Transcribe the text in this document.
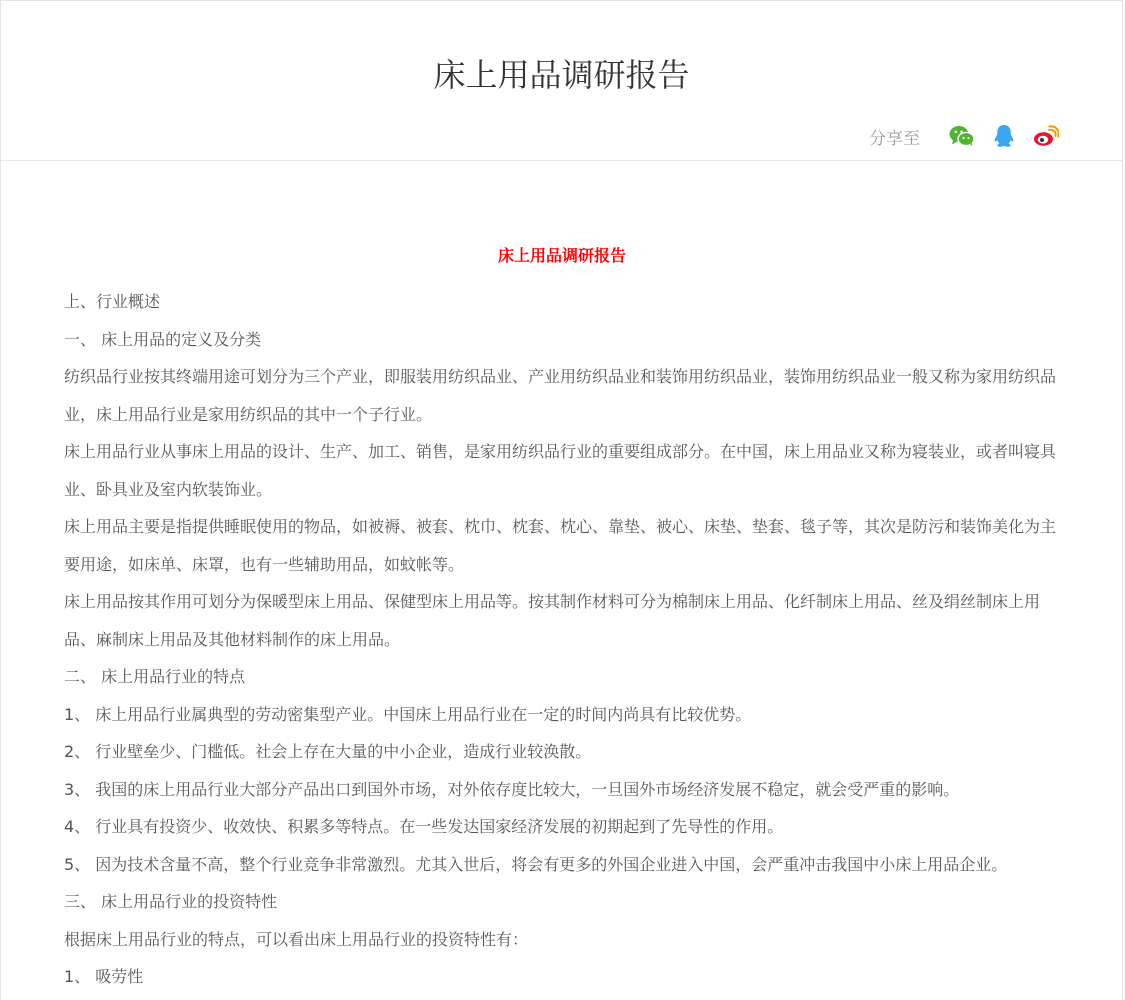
床上用品调研报告
分享至
床上用品调研报告

上、行业概述

一、 床上用品的定义及分类

纺织品行业按其终端用途可划分为三个产业，即服装用纺织品业、产业用纺织品业和装饰用纺织品业，装饰用纺织品业一般又称为家用纺织品业，床上用品行业是家用纺织品的其中一个子行业。

床上用品行业从事床上用品的设计、生产、加工、销售，是家用纺织品行业的重要组成部分。在中国，床上用品业又称为寝装业，或者叫寝具业、卧具业及室内软装饰业。

床上用品主要是指提供睡眠使用的物品，如被褥、被套、枕巾、枕套、枕心、靠垫、被心、床垫、垫套、毯子等，其次是防污和装饰美化为主要用途，如床单、床罩，也有一些辅助用品，如蚊帐等。

床上用品按其作用可划分为保暖型床上用品、保健型床上用品等。按其制作材料可分为棉制床上用品、化纤制床上用品、丝及绢丝制床上用品、麻制床上用品及其他材料制作的床上用品。

二、 床上用品行业的特点

1、 床上用品行业属典型的劳动密集型产业。中国床上用品行业在一定的时间内尚具有比较优势。

2、 行业壁垒少、门槛低。社会上存在大量的中小企业，造成行业较涣散。

3、 我国的床上用品行业大部分产品出口到国外市场，对外依存度比较大，一旦国外市场经济发展不稳定，就会受严重的影响。

4、 行业具有投资少、收效快、积累多等特点。在一些发达国家经济发展的初期起到了先导性的作用。

5、 因为技术含量不高，整个行业竞争非常激烈。尤其入世后，将会有更多的外国企业进入中国，会严重冲击我国中小床上用品企业。

三、 床上用品行业的投资特性

根据床上用品行业的特点，可以看出床上用品行业的投资特性有：

1、 吸劳性
